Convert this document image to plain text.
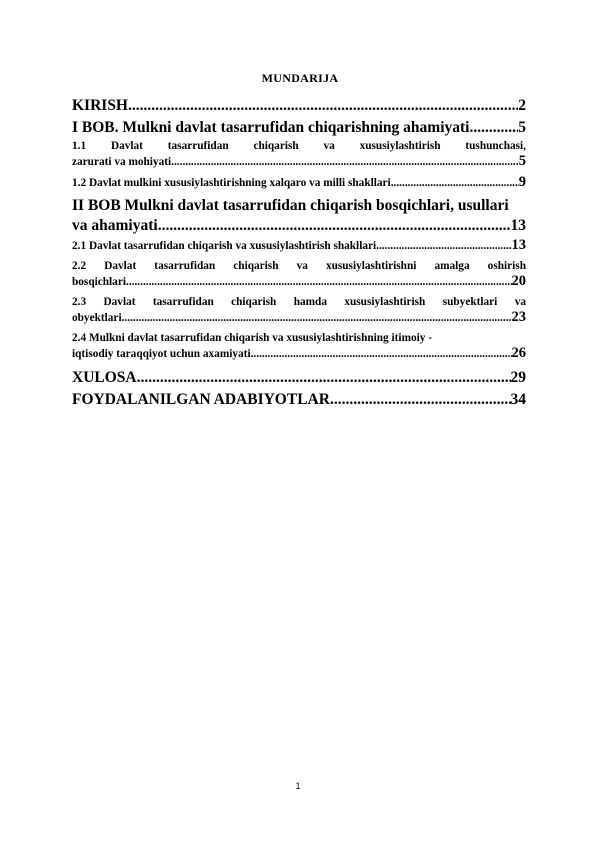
MUNDARIJA
KIRISH .....	2
I BOB. Mulkni davlat tasarrufidan chiqarishning ahamiyati .....	5
1.1 Davlat tasarrufidan chiqarish va xususiylashtirish tushunchasi,
zarurati va mohiyati .....	5
1.2 Davlat mulkini xususiylashtirishning xalqaro va milli shakllari .....	9
II BOB Mulkni davlat tasarrufidan chiqarish bosqichlari, usullari
va ahamiyati .....	13
2.1 Davlat tasarrufidan chiqarish va xususiylashtirish shakllari .....	13
2.2 Davlat tasarrufidan chiqarish va xususiylashtirishni amalga oshirish
bosqichlari .....	20
2.3 Davlat tasarrufidan chiqarish hamda xususiylashtirish subyektlari va
obyektlari .....	23
2.4 Mulkni davlat tasarrufidan chiqarish va xususiylashtirishning itimoiy -
iqtisodiy taraqqiyot uchun axamiyati .....	26
XULOSA .....	29
FOYDALANILGAN ADABIYOTLAR .....	34
1
